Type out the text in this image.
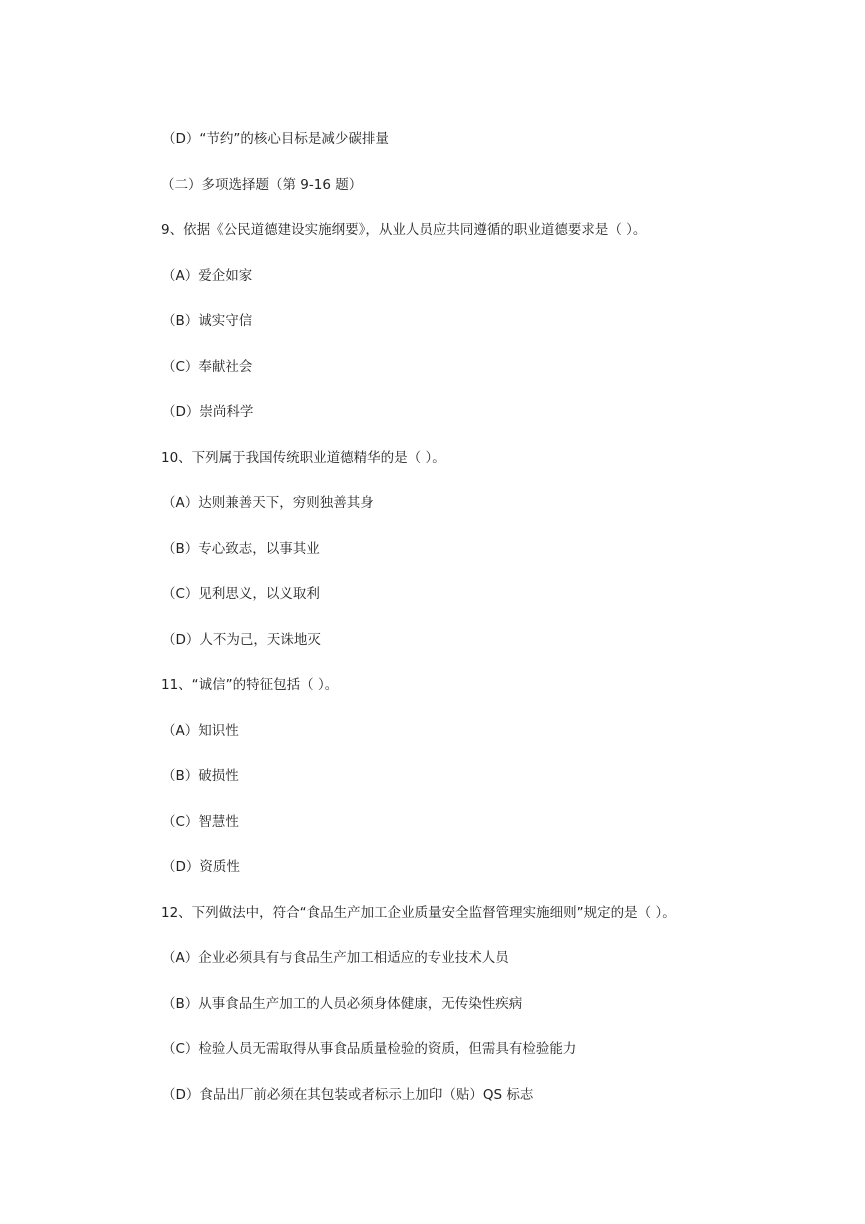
（D）“节约”的核心目标是减少碳排量
（二）多项选择题（第 9-16 题）
9、依据《公民道德建设实施纲要》，从业人员应共同遵循的职业道德要求是（ ）。
（A）爱企如家
（B）诚实守信
（C）奉献社会
（D）崇尚科学
10、下列属于我国传统职业道德精华的是（ ）。
（A）达则兼善天下，穷则独善其身
（B）专心致志，以事其业
（C）见利思义，以义取利
（D）人不为己，天诛地灭
11、“诚信”的特征包括（ ）。
（A）知识性
（B）破损性
（C）智慧性
（D）资质性
12、下列做法中，符合“食品生产加工企业质量安全监督管理实施细则”规定的是（ ）。
（A）企业必须具有与食品生产加工相适应的专业技术人员
（B）从事食品生产加工的人员必须身体健康，无传染性疾病
（C）检验人员无需取得从事食品质量检验的资质，但需具有检验能力
（D）食品出厂前必须在其包装或者标示上加印（贴）QS 标志
